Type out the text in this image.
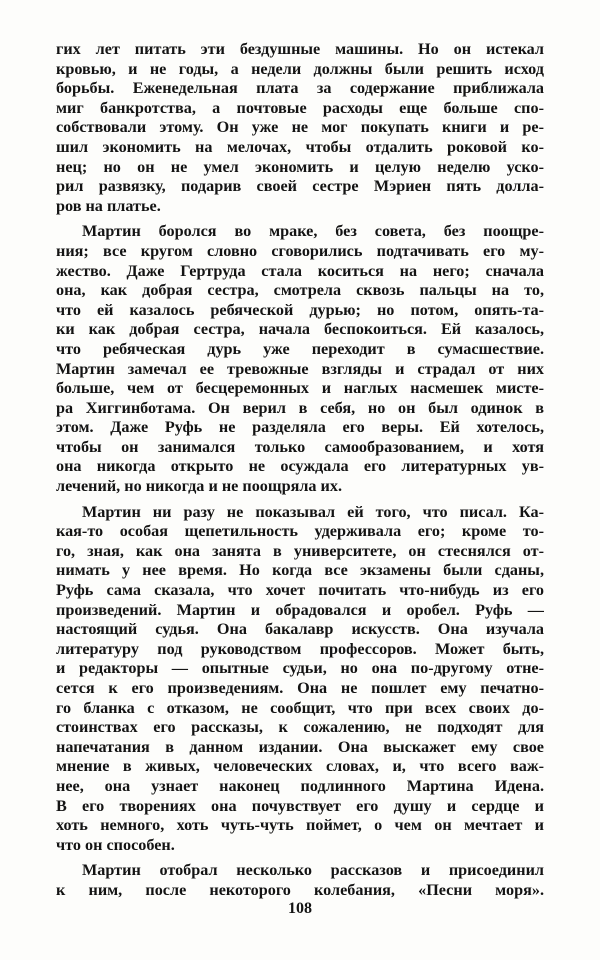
гих лет питать эти бездушные машины. Но он истекал
кровью, и не годы, а недели должны были решить исход
борьбы. Еженедельная плата за содержание приближала
миг банкротства, а почтовые расходы еще больше спо-
собствовали этому. Он уже не мог покупать книги и ре-
шил экономить на мелочах, чтобы отдалить роковой ко-
нец; но он не умел экономить и целую неделю уско-
рил развязку, подарив своей сестре Мэриен пять долла-
ров на платье.
Мартин боролся во мраке, без совета, без поощре-
ния; все кругом словно сговорились подтачивать его му-
жество. Даже Гертруда стала коситься на него; сначала
она, как добрая сестра, смотрела сквозь пальцы на то,
что ей казалось ребяческой дурью; но потом, опять-та-
ки как добрая сестра, начала беспокоиться. Ей казалось,
что ребяческая дурь уже переходит в сумасшествие.
Мартин замечал ее тревожные взгляды и страдал от них
больше, чем от бесцеремонных и наглых насмешек мисте-
ра Хиггинботама. Он верил в себя, но он был одинок в
этом. Даже Руфь не разделяла его веры. Ей хотелось,
чтобы он занимался только самообразованием, и хотя
она никогда открыто не осуждала его литературных ув-
лечений, но никогда и не поощряла их.
Мартин ни разу не показывал ей того, что писал. Ка-
кая-то особая щепетильность удерживала его; кроме то-
го, зная, как она занята в университете, он стеснялся от-
нимать у нее время. Но когда все экзамены были сданы,
Руфь сама сказала, что хочет почитать что-нибудь из его
произведений. Мартин и обрадовался и оробел. Руфь —
настоящий судья. Она бакалавр искусств. Она изучала
литературу под руководством профессоров. Может быть,
и редакторы — опытные судьи, но она по-другому отне-
сется к его произведениям. Она не пошлет ему печатно-
го бланка с отказом, не сообщит, что при всех своих до-
стоинствах его рассказы, к сожалению, не подходят для
напечатания в данном издании. Она выскажет ему свое
мнение в живых, человеческих словах, и, что всего важ-
нее, она узнает наконец подлинного Мартина Идена.
В его творениях она почувствует его душу и сердце и
хоть немного, хоть чуть-чуть поймет, о чем он мечтает и
что он способен.
Мартин отобрал несколько рассказов и присоединил
к ним, после некоторого колебания, «Песни моря».
108
